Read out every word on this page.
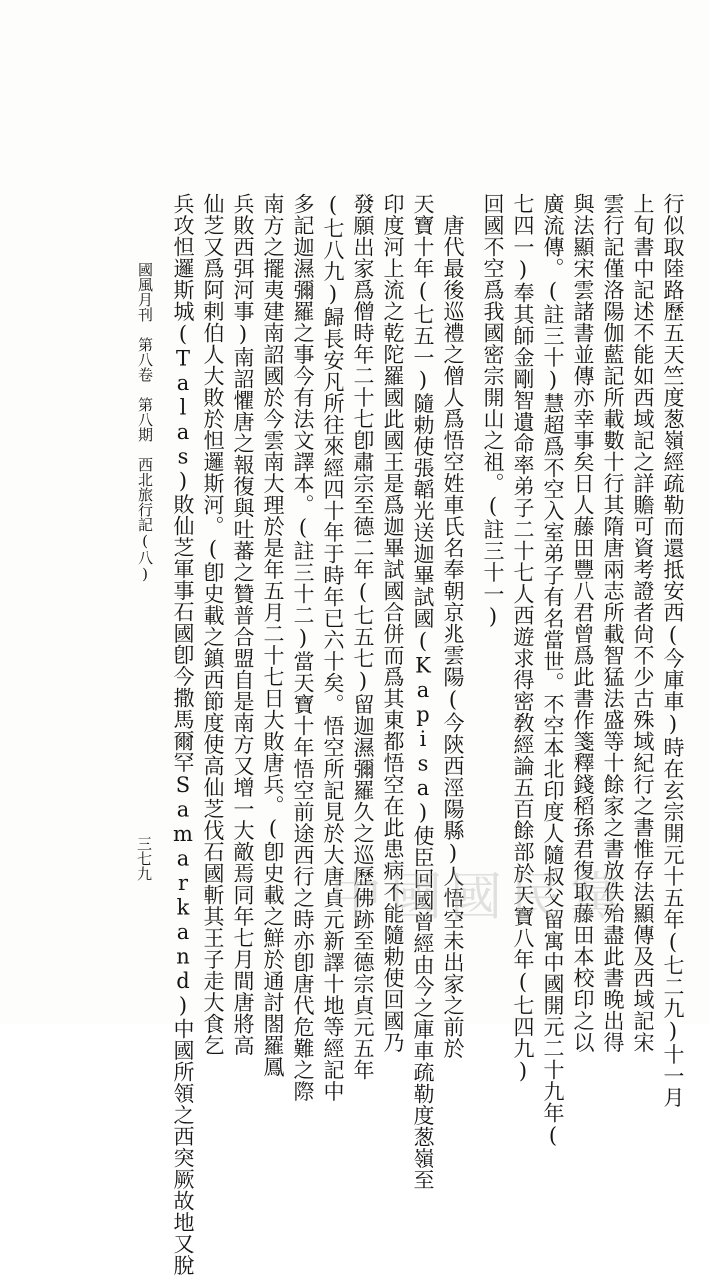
行似取陸路歷五天竺度葱嶺經疏勒而還抵安西(今庫車)時在玄宗開元十五年(七二九)十一月
上旬書中記述不能如西域記之詳贍可資考證者尙不少古殊域紀行之書惟存法顯傳及西域記宋
雲行記僅洛陽伽藍記所載數十行其隋唐兩志所載智猛法盛等十餘家之書放佚殆盡此書晚出得
與法顯宋雲諸書並傳亦幸事矣日人藤田豐八君曾爲此書作箋釋錢稻孫君復取藤田本校印之以
廣流傳。(註三十)慧超爲不空入室弟子有名當世。不空本北印度人隨叔父留寓中國開元二十九年(
七四一)奉其師金剛智遺命率弟子二十七人西遊求得密敎經論五百餘部於天寶八年(七四九)
回國不空爲我國密宗開山之祖。(註三十一)
　唐代最後巡禮之僧人爲悟空姓車氏名奉朝京兆雲陽(今陝西涇陽縣)人悟空未出家之前於
天寶十年(七五一)隨勅使張韜光送迦畢試國(Kapisa)使臣回國曾經由今之庫車疏勒度葱嶺至
印度河上流之乾陀羅國此國王是爲迦畢試國合併而爲其東都悟空在此患病不能隨勅使回國乃
發願出家爲僧時年二十七卽肅宗至德二年(七五七)留迦濕彌羅久之巡歷佛跡至德宗貞元五年
(七八九)歸長安凡所往來經四十年于時年已六十矣。悟空所記見於大唐貞元新譯十地等經記中
多記迦濕彌羅之事今有法文譯本。(註三十二)當天寶十年悟空前途西行之時亦卽唐代危難之際
南方之擺夷建南詔國於今雲南大理於是年五月二十七日大敗唐兵。(卽史載之鮮於通討閤羅鳳
兵敗西弭河事)南詔懼唐之報復與吐蕃之贊普合盟自是南方又增一大敵焉同年七月間唐將高
仙芝又爲阿剌伯人大敗於怛邏斯河。(卽史載之鎮西節度使高仙芝伐石國斬其王子走大食乞
兵攻怛邏斯城(Talas)敗仙芝軍事石國卽今撒馬爾罕Samarkand)中國所領之西突厥故地又脫
國風月刊　第八卷　第八期　西北旅行記(八)
三七九
中國國民黨
